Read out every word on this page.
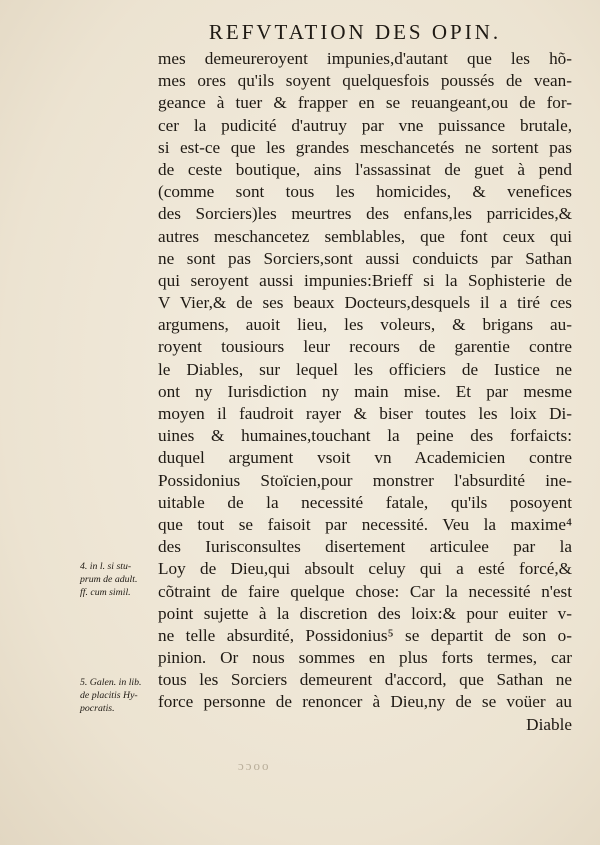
REFVTATION DES OPIN.
mes demeureroyent impunies,d'autant que les hõ-
mes ores qu'ils soyent quelquesfois poussés de vean-
geance à tuer & frapper en se reuangeant,ou de for-
cer la pudicité d'autruy par vne puissance brutale,
si est-ce que les grandes meschancetés ne sortent pas
de ceste boutique, ains l'assassinat de guet à pend
(comme sont tous les homicides, & venefices
des Sorciers)les meurtres des enfans,les parricides,&
autres meschancetez semblables, que font ceux qui
ne sont pas Sorciers,sont aussi conduicts par Sathan
qui seroyent aussi impunies:Brieff si la Sophisterie de
V Vier,& de ses beaux Docteurs,desquels il a tiré ces
argumens, auoit lieu, les voleurs, & brigans au-
royent tousiours leur recours de garentie contre
le Diables, sur lequel les officiers de Iustice ne
ont ny Iurisdiction ny main mise. Et par mesme
moyen il faudroit rayer & biser toutes les loix Di-
uines & humaines,touchant la peine des forfaicts:
duquel argument vsoit vn Academicien contre
Possidonius Stoïcien,pour monstrer l'absurdité ine-
uitable de la necessité fatale, qu'ils posoyent
que tout se faisoit par necessité. Veu la maxime⁴
des Iurisconsultes disertement articulee par la
Loy de Dieu,qui absoult celuy qui a esté forcé,&
cõtraint de faire quelque chose: Car la necessité n'est
point sujette à la discretion des loix:& pour euiter v-
ne telle absurdité, Possidonius⁵ se departit de son o-
pinion. Or nous sommes en plus forts termes, car
tous les Sorciers demeurent d'accord, que Sathan ne
force personne de renoncer à Dieu,ny de se voüer au
Diable
4. in l. si stu-
prum de adult.
ff. cum simil.
5. Galen. in lib.
de placitis Hy-
pocratis.
ɔɔoo
